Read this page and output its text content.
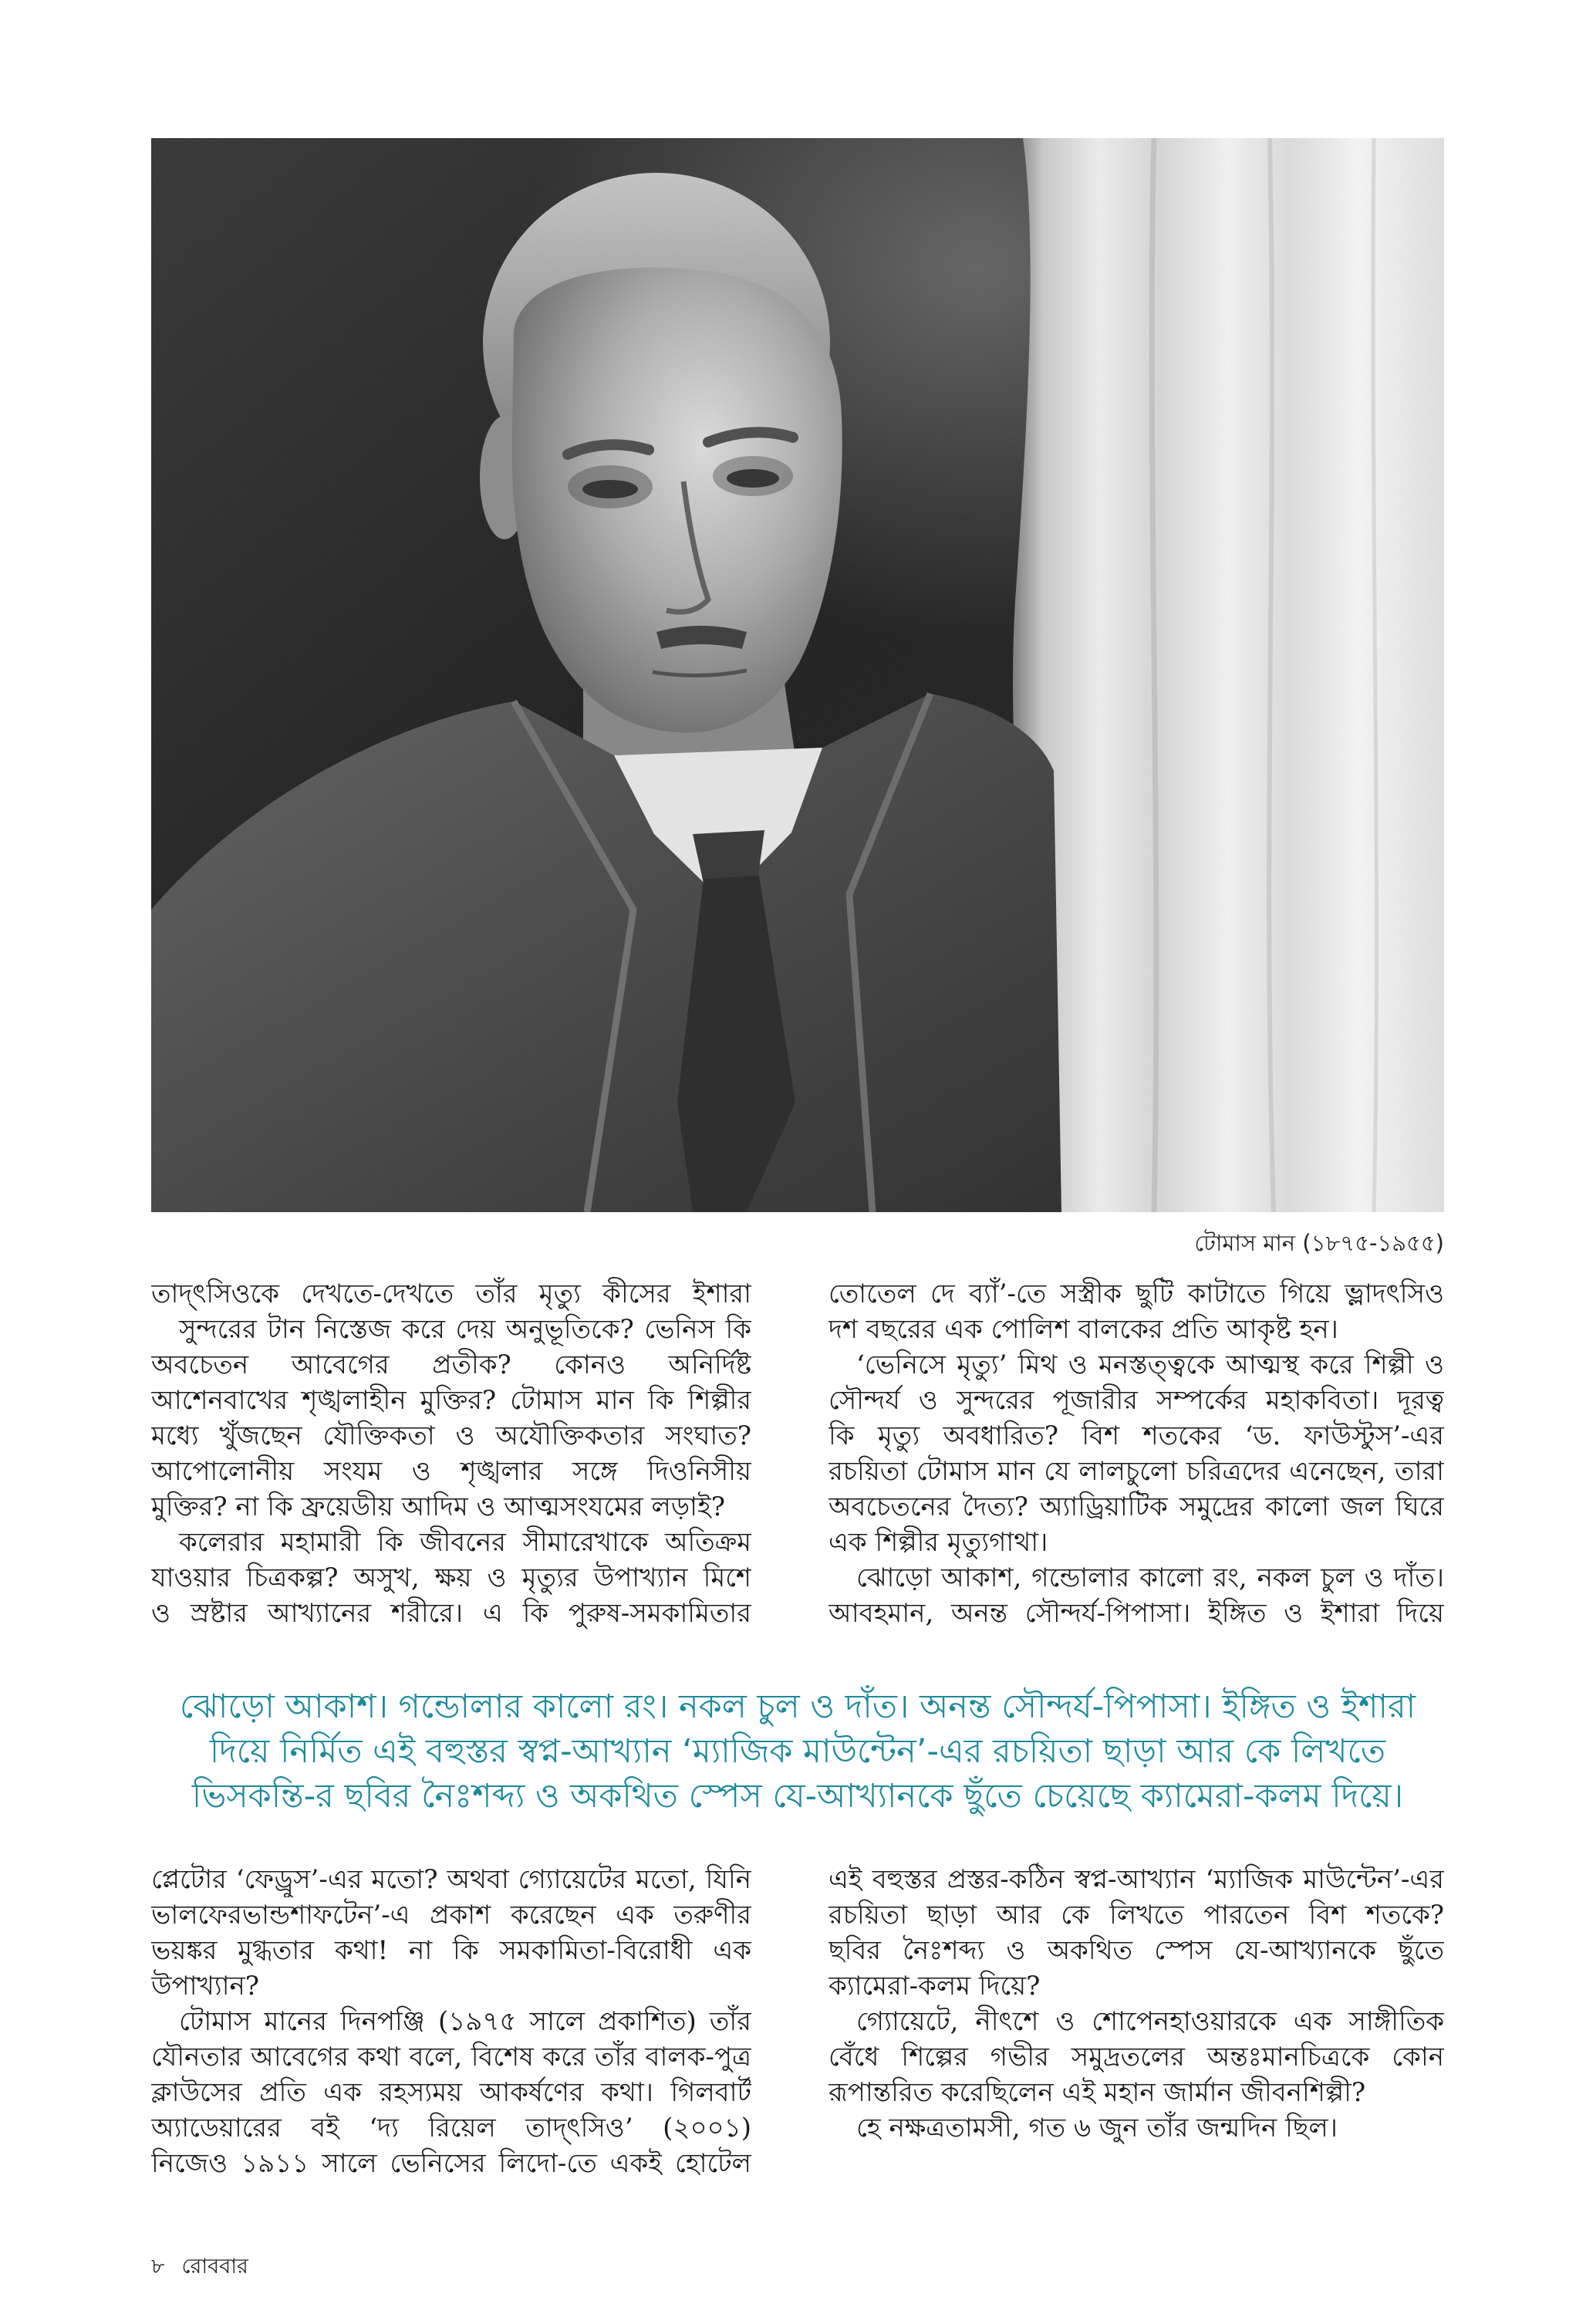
টোমাস মান (১৮৭৫-১৯৫৫)
তাদ্‌ৎসিওকে দেখতে-দেখতে তাঁর মৃত্যু কীসের ইশারা
সুন্দরের টান নিস্তেজ করে দেয় অনুভূতিকে? ভেনিস কি
অবচেতন আবেগের প্রতীক? কোনও অনির্দিষ্ট
আশেনবাখের শৃঙ্খলাহীন মুক্তির? টোমাস মান কি শিল্পীর
মধ্যে খুঁজছেন যৌক্তিকতা ও অযৌক্তিকতার সংঘাত?
আপোলোনীয় সংযম ও শৃঙ্খলার সঙ্গে দিওনিসীয়
মুক্তির? না কি ফ্রয়েডীয় আদিম ও আত্মসংযমের লড়াই?
কলেরার মহামারী কি জীবনের সীমারেখাকে অতিক্রম
যাওয়ার চিত্রকল্প? অসুখ, ক্ষয় ও মৃত্যুর উপাখ্যান মিশে
ও স্রষ্টার আখ্যানের শরীরে। এ কি পুরুষ-সমকামিতার
তোতেল দে ব্যাঁ’-তে সস্ত্রীক ছুটি কাটাতে গিয়ে ভ্লাদৎসিও
দশ বছরের এক পোলিশ বালকের প্রতি আকৃষ্ট হন।
‘ভেনিসে মৃত্যু’ মিথ ও মনস্তত্ত্বকে আত্মস্থ করে শিল্পী ও
সৌন্দর্য ও সুন্দরের পূজারীর সম্পর্কের মহাকবিতা। দূরত্ব
কি মৃত্যু অবধারিত? বিশ শতকের ‘ড. ফাউস্টুস’-এর
রচয়িতা টোমাস মান যে লালচুলো চরিত্রদের এনেছেন, তারা
অবচেতনের দৈত্য? অ্যাড্রিয়াটিক সমুদ্রের কালো জল ঘিরে
এক শিল্পীর মৃত্যুগাথা।
ঝোড়ো আকাশ, গন্ডোলার কালো রং, নকল চুল ও দাঁত।
আবহমান, অনন্ত সৌন্দর্য-পিপাসা। ইঙ্গিত ও ইশারা দিয়ে
ঝোড়ো আকাশ। গন্ডোলার কালো রং। নকল চুল ও দাঁত। অনন্ত সৌন্দর্য-পিপাসা। ইঙ্গিত ও ইশারা
দিয়ে নির্মিত এই বহুস্তর স্বপ্ন-আখ্যান ‘ম্যাজিক মাউন্টেন’-এর রচয়িতা ছাড়া আর কে লিখতে
ভিসকন্তি-র ছবির নৈঃশব্দ্য ও অকথিত স্পেস যে-আখ্যানকে ছুঁতে চেয়েছে ক্যামেরা-কলম দিয়ে।
প্লেটোর ‘ফেড্রুস’-এর মতো? অথবা গ্যোয়েটের মতো, যিনি
ভালফেরভান্ডশাফটেন’-এ প্রকাশ করেছেন এক তরুণীর
ভয়ঙ্কর মুগ্ধতার কথা! না কি সমকামিতা-বিরোধী এক
উপাখ্যান?
টোমাস মানের দিনপঞ্জি (১৯৭৫ সালে প্রকাশিত) তাঁর
যৌনতার আবেগের কথা বলে, বিশেষ করে তাঁর বালক-পুত্র
ক্লাউসের প্রতি এক রহস্যময় আকর্ষণের কথা। গিলবার্ট
অ্যাডেয়ারের বই ‘দ্য রিয়েল তাদ্‌ৎসিও’ (২০০১)
নিজেও ১৯১১ সালে ভেনিসের লিদো-তে একই হোটেল
এই বহুস্তর প্রস্তর-কঠিন স্বপ্ন-আখ্যান ‘ম্যাজিক মাউন্টেন’-এর
রচয়িতা ছাড়া আর কে লিখতে পারতেন বিশ শতকে?
ছবির নৈঃশব্দ্য ও অকথিত স্পেস যে-আখ্যানকে ছুঁতে
ক্যামেরা-কলম দিয়ে?
গ্যোয়েটে, নীৎশে ও শোপেনহাওয়ারকে এক সাঙ্গীতিক
বেঁধে শিল্পের গভীর সমুদ্রতলের অন্তঃমানচিত্রকে কোন
রূপান্তরিত করেছিলেন এই মহান জার্মান জীবনশিল্পী?
হে নক্ষত্রতামসী, গত ৬ জুন তাঁর জন্মদিন ছিল।
৮ রোববার
